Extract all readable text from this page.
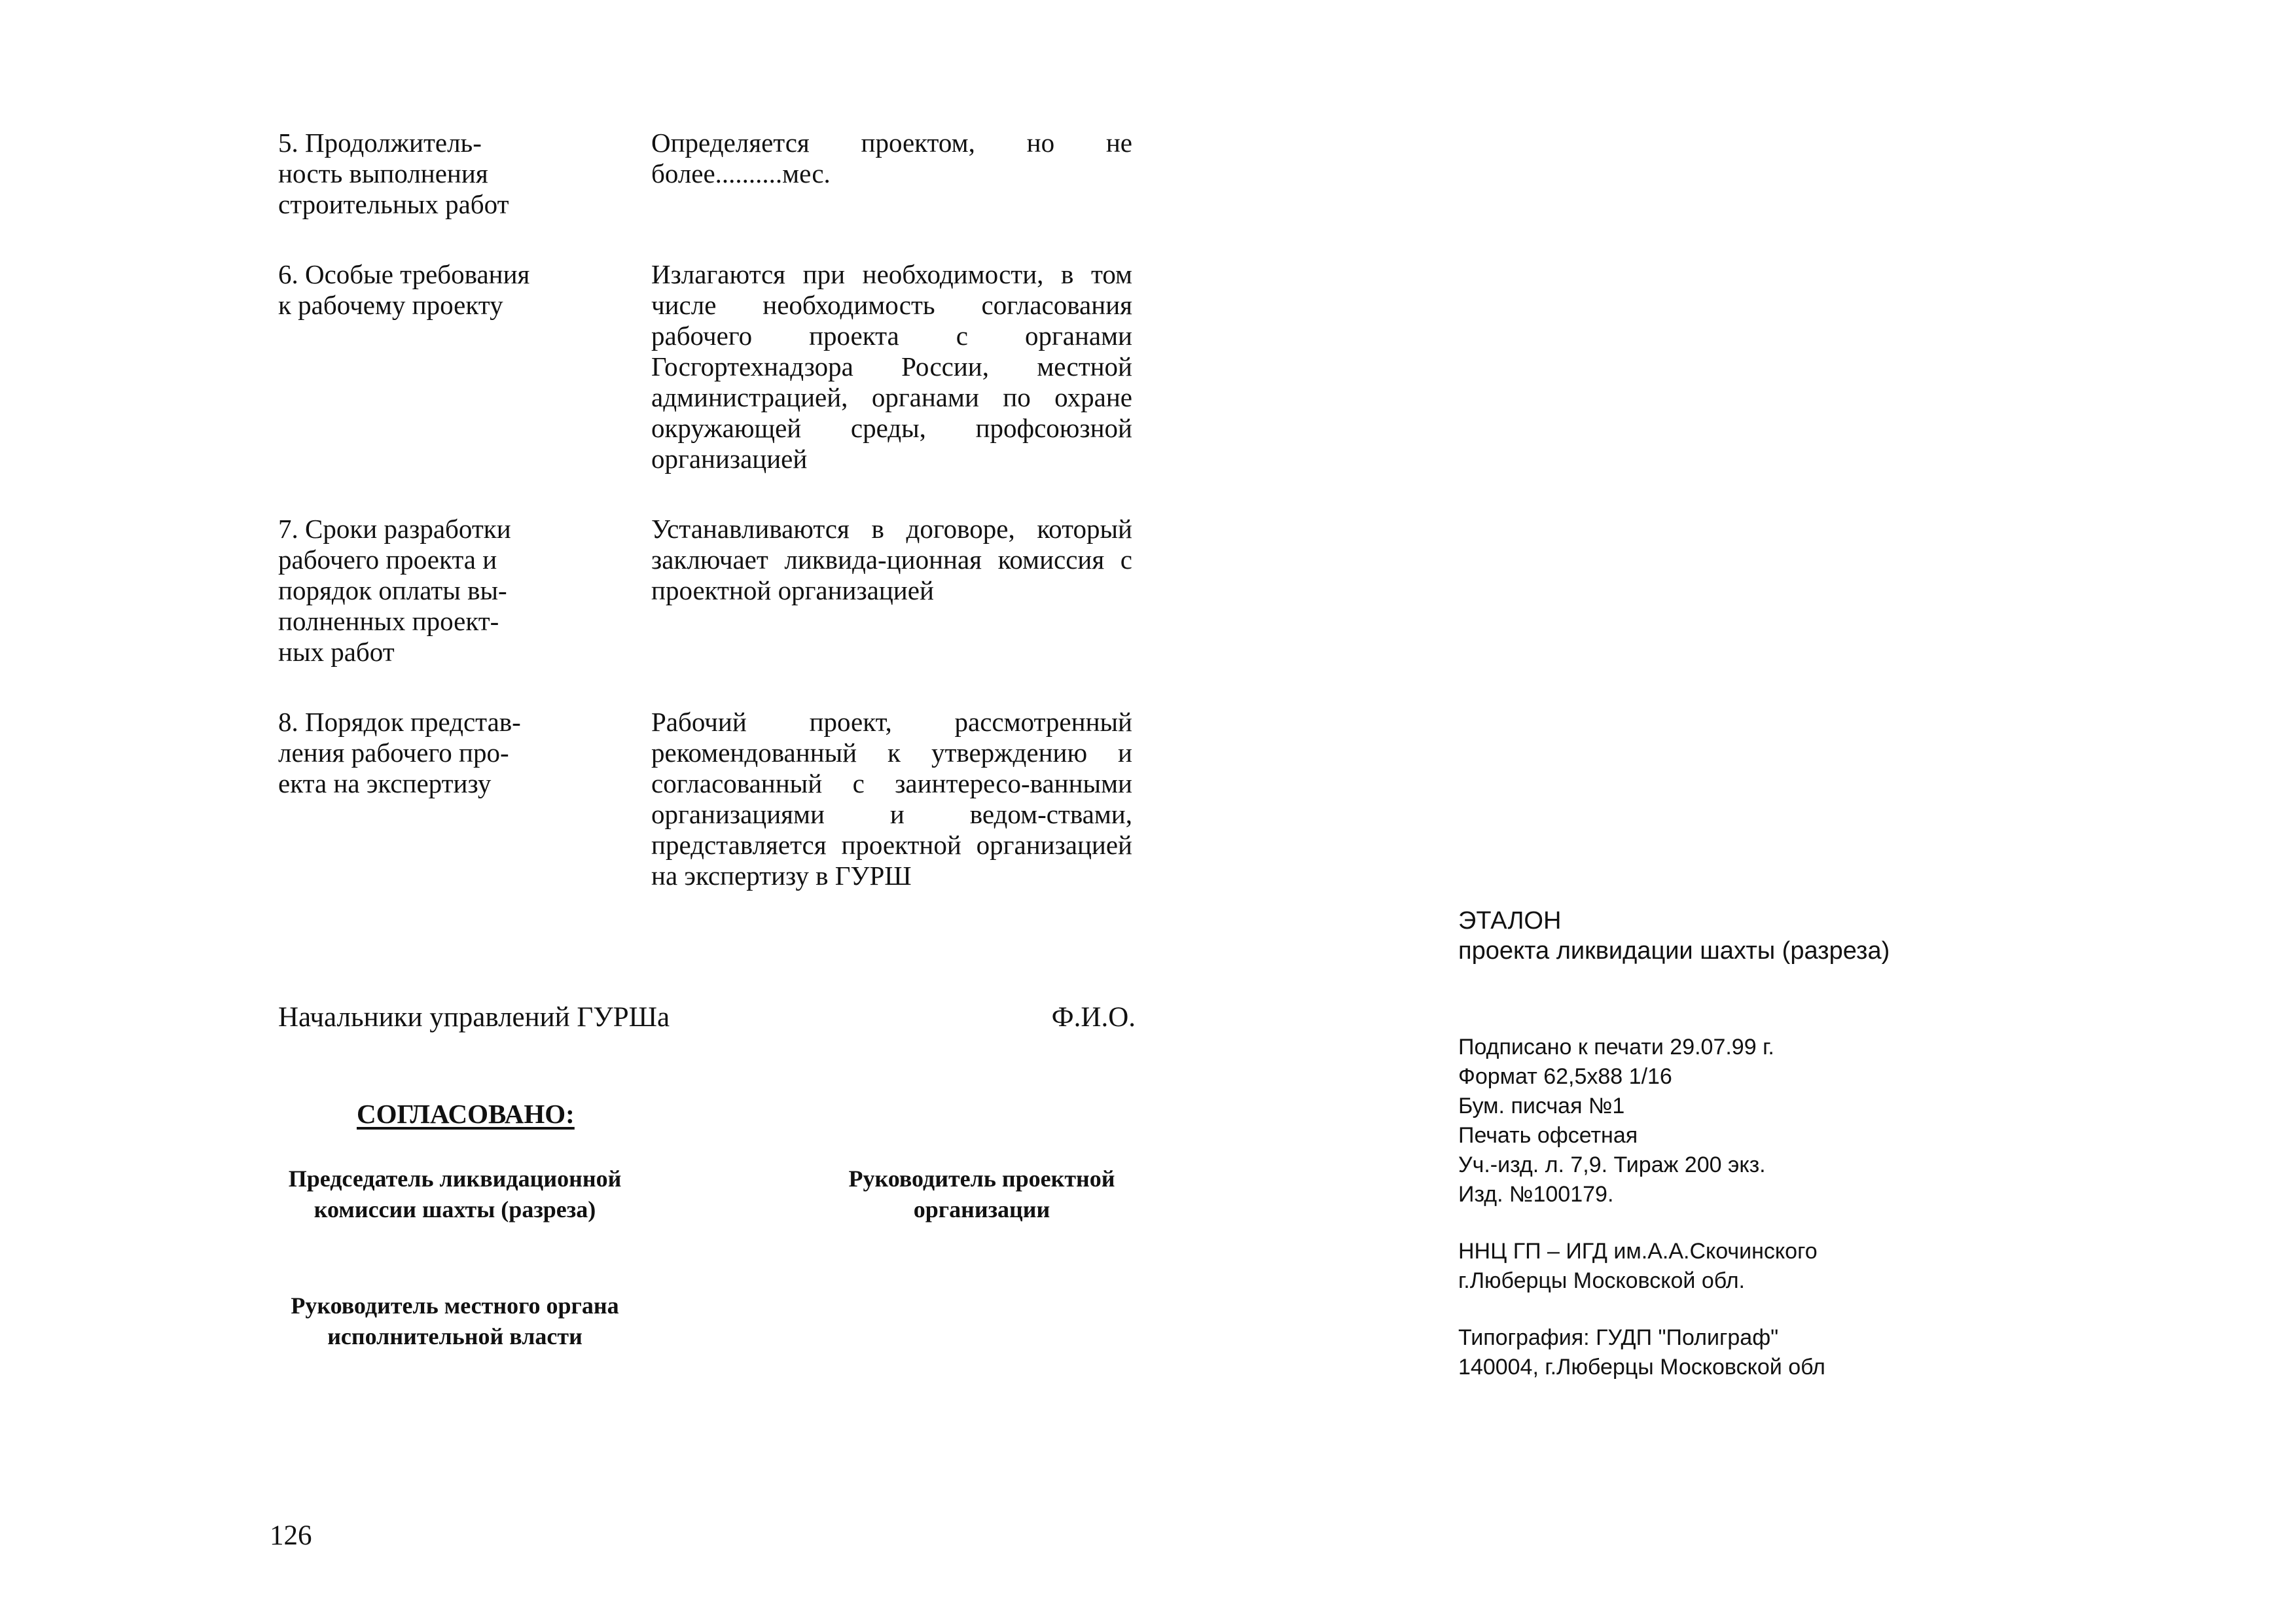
5. Продолжитель-
ность выполнения
строительных работ
Определяется проектом, но не более..........мес.
6. Особые требования
к рабочему проекту
Излагаются при необходимости, в том числе необходимость согласования рабочего проекта с органами Госгортехнадзора России, местной администрацией, органами по охране окружающей среды, профсоюзной организацией
7. Сроки разработки
рабочего проекта и
порядок оплаты вы-
полненных проект-
ных работ
Устанавливаются в договоре, который заключает ликвида-ционная комиссия с проектной организацией
8. Порядок представ-
ления рабочего про-
екта на экспертизу
Рабочий проект, рассмотренный рекомендованный к утверждению и согласованный с заинтересо-ванными организациями и ведом-ствами, представляется проектной организацией на экспертизу в ГУРШ
Начальники управлений ГУРШа	Ф.И.О.
СОГЛАСОВАНО:
Председатель ликвидационной
комиссии шахты (разреза)
Руководитель проектной
организации
Руководитель местного органа
исполнительной власти
126
ЭТАЛОН
проекта ликвидации шахты (разреза)
Подписано к печати 29.07.99 г.
Формат 62,5х88 1/16
Бум. писчая №1
Печать офсетная
Уч.-изд. л. 7,9. Тираж 200 экз.
Изд. №100179.
ННЦ ГП – ИГД им.А.А.Скочинского
г.Люберцы Московской обл.
Типография: ГУДП "Полиграф"
140004, г.Люберцы Московской обл
